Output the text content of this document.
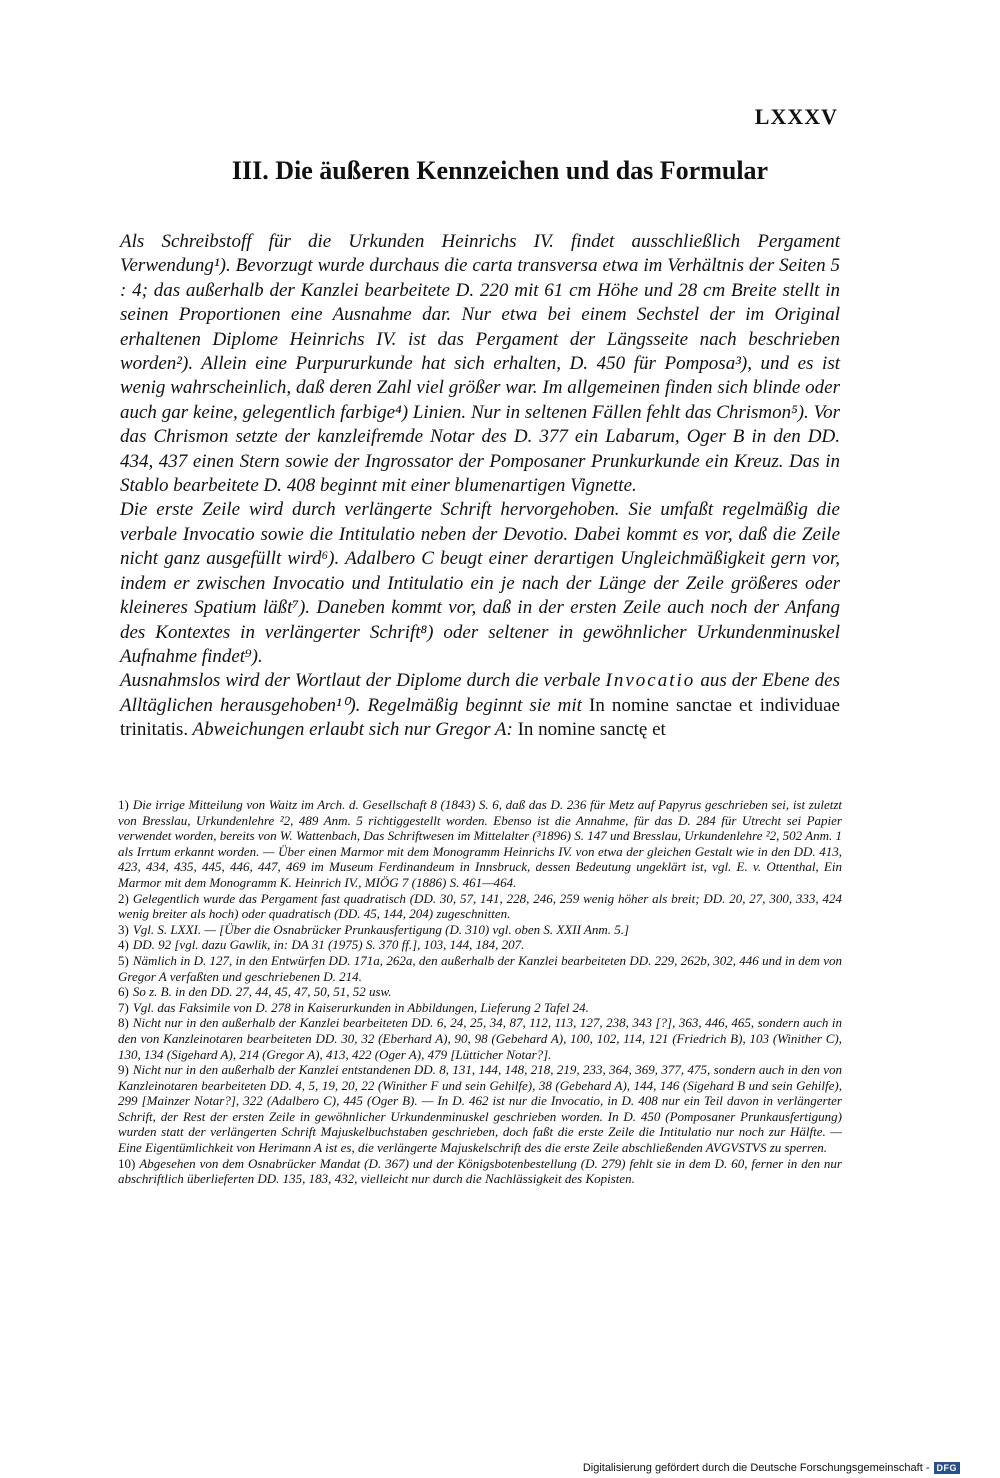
LXXXV
III. Die äußeren Kennzeichen und das Formular

Als Schreibstoff für die Urkunden Heinrichs IV. findet ausschließlich Pergament Verwendung¹). Bevorzugt wurde durchaus die carta transversa etwa im Verhältnis der Seiten 5 : 4; das außerhalb der Kanzlei bearbeitete D. 220 mit 61 cm Höhe und 28 cm Breite stellt in seinen Proportionen eine Ausnahme dar. Nur etwa bei einem Sechstel der im Original erhaltenen Diplome Heinrichs IV. ist das Pergament der Längsseite nach beschrieben worden²). Allein eine Purpururkunde hat sich erhalten, D. 450 für Pomposa³), und es ist wenig wahrscheinlich, daß deren Zahl viel größer war. Im allgemeinen finden sich blinde oder auch gar keine, gelegentlich farbige⁴) Linien. Nur in seltenen Fällen fehlt das Chrismon⁵). Vor das Chrismon setzte der kanzleifremde Notar des D. 377 ein Labarum, Oger B in den DD. 434, 437 einen Stern sowie der Ingrossator der Pomposaner Prunkurkunde ein Kreuz. Das in Stablo bearbeitete D. 408 beginnt mit einer blumenartigen Vignette.

Die erste Zeile wird durch verlängerte Schrift hervorgehoben. Sie umfaßt regelmäßig die verbale Invocatio sowie die Intitulatio neben der Devotio. Dabei kommt es vor, daß die Zeile nicht ganz ausgefüllt wird⁶). Adalbero C beugt einer derartigen Ungleichmäßigkeit gern vor, indem er zwischen Invocatio und Intitulatio ein je nach der Länge der Zeile größeres oder kleineres Spatium läßt⁷). Daneben kommt vor, daß in der ersten Zeile auch noch der Anfang des Kontextes in verlängerter Schrift⁸) oder seltener in gewöhnlicher Urkundenminuskel Aufnahme findet⁹).

Ausnahmslos wird der Wortlaut der Diplome durch die verbale Invocatio aus der Ebene des Alltäglichen herausgehoben¹⁰). Regelmäßig beginnt sie mit In nomine sanctae et individuae trinitatis. Abweichungen erlaubt sich nur Gregor A: In nomine sanctę et

1) Die irrige Mitteilung von Waitz im Arch. d. Gesellschaft 8 (1843) S. 6, daß das D. 236 für Metz auf Papyrus geschrieben sei, ist zuletzt von Bresslau, Urkundenlehre ²2, 489 Anm. 5 richtiggestellt worden. Ebenso ist die Annahme, für das D. 284 für Utrecht sei Papier verwendet worden, bereits von W. Wattenbach, Das Schriftwesen im Mittelalter (³1896) S. 147 und Bresslau, Urkundenlehre ²2, 502 Anm. 1 als Irrtum erkannt worden. — Über einen Marmor mit dem Monogramm Heinrichs IV. von etwa der gleichen Gestalt wie in den DD. 413, 423, 434, 435, 445, 446, 447, 469 im Museum Ferdinandeum in Innsbruck, dessen Bedeutung ungeklärt ist, vgl. E. v. Ottenthal, Ein Marmor mit dem Monogramm K. Heinrich IV., MIÖG 7 (1886) S. 461—464.

2) Gelegentlich wurde das Pergament fast quadratisch (DD. 30, 57, 141, 228, 246, 259 wenig höher als breit; DD. 20, 27, 300, 333, 424 wenig breiter als hoch) oder quadratisch (DD. 45, 144, 204) zugeschnitten.

3) Vgl. S. LXXI. — [Über die Osnabrücker Prunkausfertigung (D. 310) vgl. oben S. XXII Anm. 5.]

4) DD. 92 [vgl. dazu Gawlik, in: DA 31 (1975) S. 370 ff.], 103, 144, 184, 207.

5) Nämlich in D. 127, in den Entwürfen DD. 171a, 262a, den außerhalb der Kanzlei bearbeiteten DD. 229, 262b, 302, 446 und in dem von Gregor A verfaßten und geschriebenen D. 214.

6) So z. B. in den DD. 27, 44, 45, 47, 50, 51, 52 usw.

7) Vgl. das Faksimile von D. 278 in Kaiserurkunden in Abbildungen, Lieferung 2 Tafel 24.

8) Nicht nur in den außerhalb der Kanzlei bearbeiteten DD. 6, 24, 25, 34, 87, 112, 113, 127, 238, 343 [?], 363, 446, 465, sondern auch in den von Kanzleinotaren bearbeiteten DD. 30, 32 (Eberhard A), 90, 98 (Gebehard A), 100, 102, 114, 121 (Friedrich B), 103 (Winither C), 130, 134 (Sigehard A), 214 (Gregor A), 413, 422 (Oger A), 479 [Lütticher Notar?].

9) Nicht nur in den außerhalb der Kanzlei entstandenen DD. 8, 131, 144, 148, 218, 219, 233, 364, 369, 377, 475, sondern auch in den von Kanzleinotaren bearbeiteten DD. 4, 5, 19, 20, 22 (Winither F und sein Gehilfe), 38 (Gebehard A), 144, 146 (Sigehard B und sein Gehilfe), 299 [Mainzer Notar?], 322 (Adalbero C), 445 (Oger B). — In D. 462 ist nur die Invocatio, in D. 408 nur ein Teil davon in verlängerter Schrift, der Rest der ersten Zeile in gewöhnlicher Urkundenminuskel geschrieben worden. In D. 450 (Pomposaner Prunkausfertigung) wurden statt der verlängerten Schrift Majuskelbuchstaben geschrieben, doch faßt die erste Zeile die Intitulatio nur noch zur Hälfte. — Eine Eigentümlichkeit von Herimann A ist es, die verlängerte Majuskelschrift des die erste Zeile abschließenden AVGVSTVS zu sperren.

10) Abgesehen von dem Osnabrücker Mandat (D. 367) und der Königsbotenbestellung (D. 279) fehlt sie in dem D. 60, ferner in den nur abschriftlich überlieferten DD. 135, 183, 432, vielleicht nur durch die Nachlässigkeit des Kopisten.

Digitalisierung gefördert durch die Deutsche Forschungsgemeinschaft - DFG
